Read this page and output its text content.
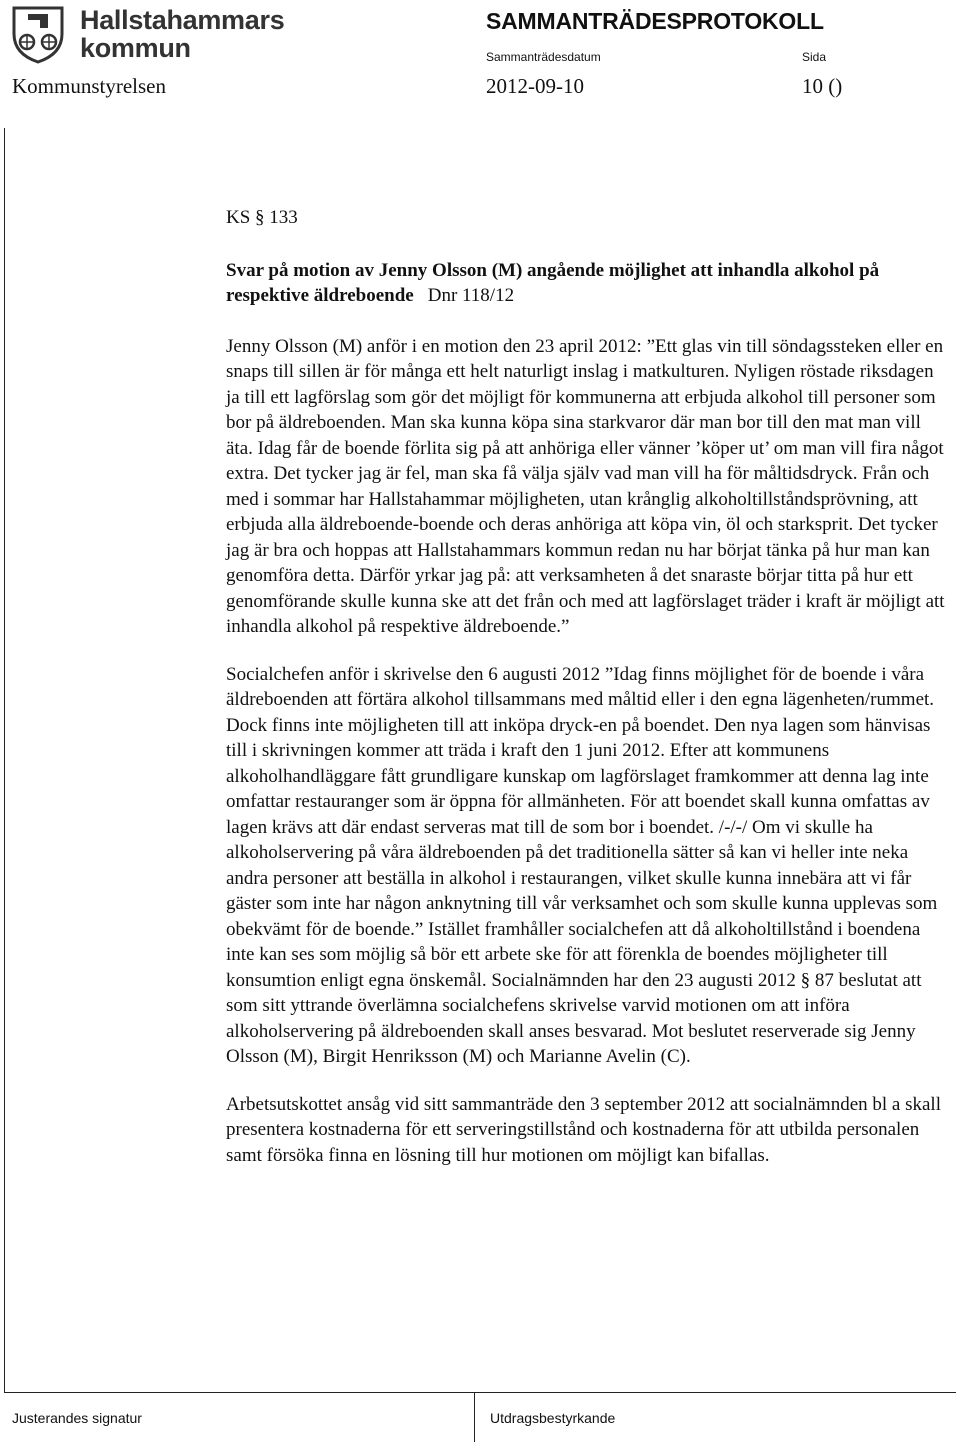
Hallstahammars
kommun
SAMMANTRÄDESPROTOKOLL
Sammanträdesdatum	Sida
Kommunstyrelsen	2012-09-10	10 ()
KS § 133
Svar på motion av Jenny Olsson (M) angående möjlighet att inhandla alkohol på respektive äldreboende Dnr 118/12

Jenny Olsson (M) anför i en motion den 23 april 2012: ”Ett glas vin till söndagssteken eller en snaps till sillen är för många ett helt naturligt inslag i matkulturen. Nyligen röstade riksdagen ja till ett lagförslag som gör det möjligt för kommunerna att erbjuda alkohol till personer som bor på äldreboenden. Man ska kunna köpa sina starkvaror där man bor till den mat man vill äta. Idag får de boende förlita sig på att anhöriga eller vänner ’köper ut’ om man vill fira något extra. Det tycker jag är fel, man ska få välja själv vad man vill ha för måltidsdryck. Från och med i sommar har Hallstahammar möjligheten, utan krånglig alkoholtillståndsprövning, att erbjuda alla äldreboende-boende och deras anhöriga att köpa vin, öl och starksprit. Det tycker jag är bra och hoppas att Hallstahammars kommun redan nu har börjat tänka på hur man kan genomföra detta. Därför yrkar jag på: att verksamheten å det snaraste börjar titta på hur ett genomförande skulle kunna ske att det från och med att lagförslaget träder i kraft är möjligt att inhandla alkohol på respektive äldreboende.”

Socialchefen anför i skrivelse den 6 augusti 2012 ”Idag finns möjlighet för de boende i våra äldreboenden att förtära alkohol tillsammans med måltid eller i den egna lägenheten/rummet. Dock finns inte möjligheten till att inköpa dryck-en på boendet. Den nya lagen som hänvisas till i skrivningen kommer att träda i kraft den 1 juni 2012. Efter att kommunens alkoholhandläggare fått grundligare kunskap om lagförslaget framkommer att denna lag inte omfattar restauranger som är öppna för allmänheten. För att boendet skall kunna omfattas av lagen krävs att där endast serveras mat till de som bor i boendet. /-/-/ Om vi skulle ha alkoholservering på våra äldreboenden på det traditionella sätter så kan vi heller inte neka andra personer att beställa in alkohol i restaurangen, vilket skulle kunna innebära att vi får gäster som inte har någon anknytning till vår verksamhet och som skulle kunna upplevas som obekvämt för de boende.” Istället framhåller socialchefen att då alkoholtillstånd i boendena inte kan ses som möjlig så bör ett arbete ske för att förenkla de boendes möjligheter till konsumtion enligt egna önskemål. Socialnämnden har den 23 augusti 2012 § 87 beslutat att som sitt yttrande överlämna socialchefens skrivelse varvid motionen om att införa alkoholservering på äldreboenden skall anses besvarad. Mot beslutet reserverade sig Jenny Olsson (M), Birgit Henriksson (M) och Marianne Avelin (C).

Arbetsutskottet ansåg vid sitt sammanträde den 3 september 2012 att socialnämnden bl a skall presentera kostnaderna för ett serveringstillstånd och kostnaderna för att utbilda personalen samt försöka finna en lösning till hur motionen om möjligt kan bifallas.

Justerandes signatur	Utdragsbestyrkande
